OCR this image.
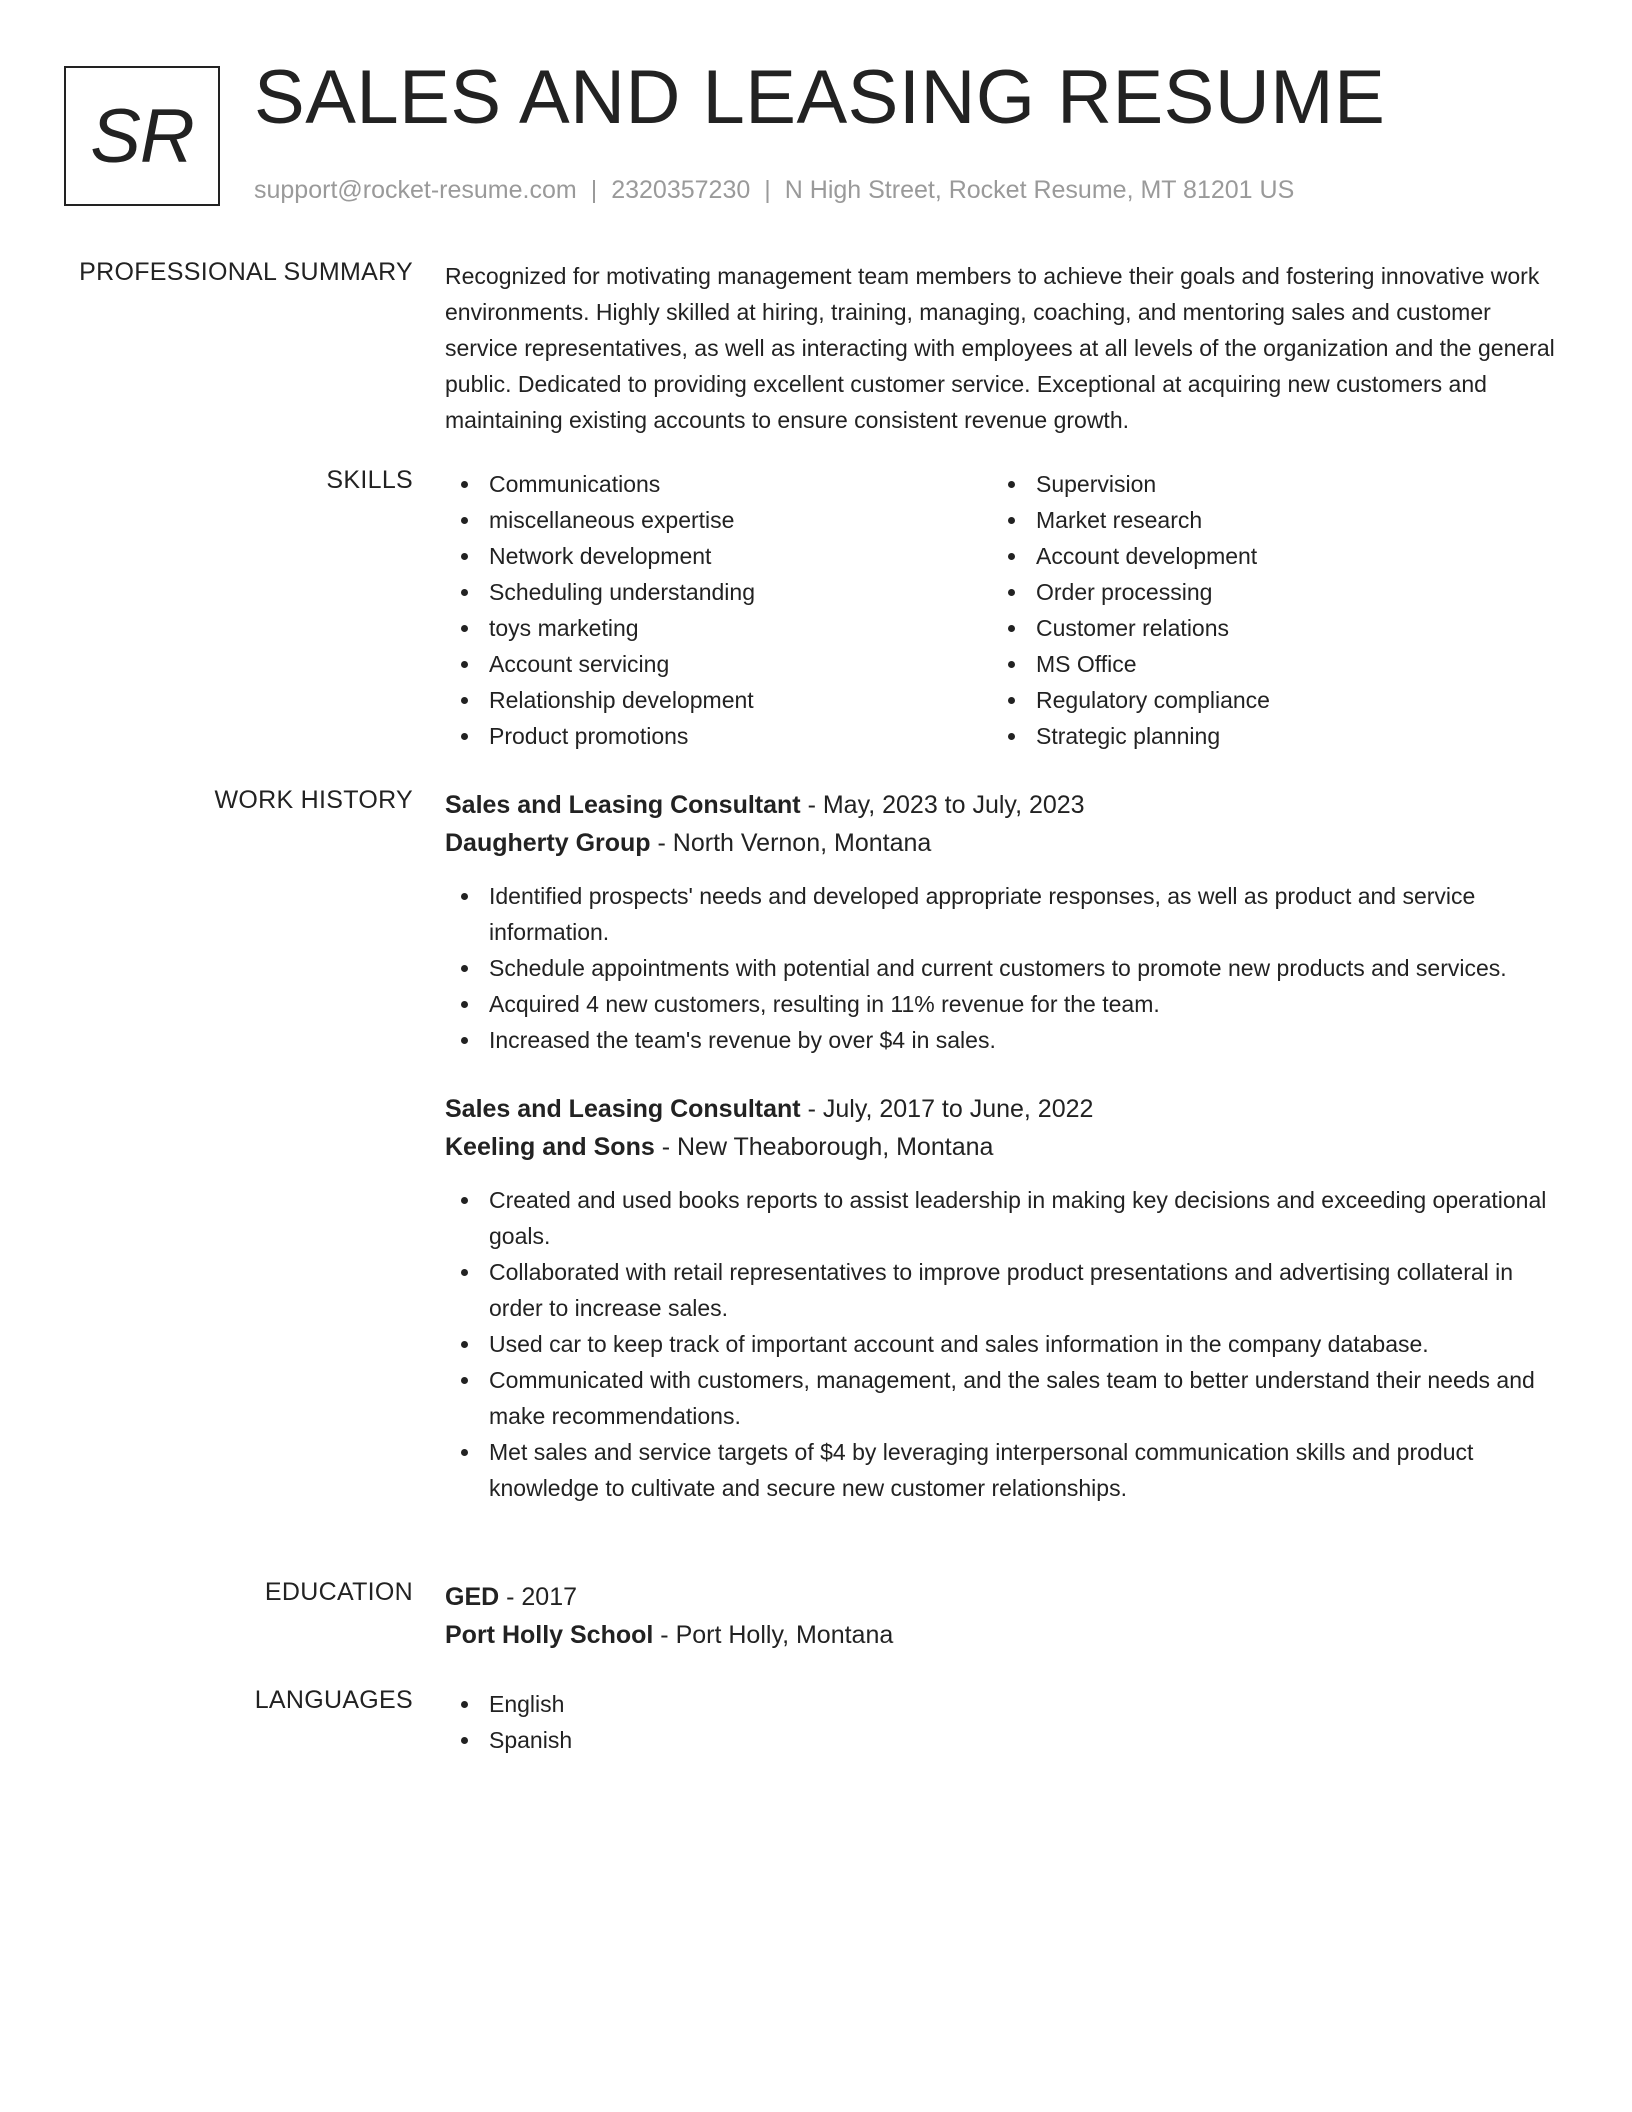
SR SALES AND LEASING RESUME
support@rocket-resume.com | 2320357230 | N High Street, Rocket Resume, MT 81201 US
PROFESSIONAL SUMMARY Recognized for motivating management team members to achieve their goals and fostering innovative work environments. Highly skilled at hiring, training, managing, coaching, and mentoring sales and customer service representatives, as well as interacting with employees at all levels of the organization and the general public. Dedicated to providing excellent customer service. Exceptional at acquiring new customers and maintaining existing accounts to ensure consistent revenue growth.

SKILLS	Communications
miscellaneous expertise
Network development
Scheduling understanding
toys marketing
Account servicing
Relationship development
Product promotions
Supervision
Market research
Account development
Order processing
Customer relations
MS Office
Regulatory compliance
Strategic planning
WORK HISTORY Sales and Leasing Consultant - May, 2023 to July, 2023
Daugherty Group - North Vernon, Montana
Identified prospects' needs and developed appropriate responses, as well as product and service information.
Schedule appointments with potential and current customers to promote new products and services.
Acquired 4 new customers, resulting in 11% revenue for the team.
Increased the team's revenue by over $4 in sales.
Sales and Leasing Consultant - July, 2017 to June, 2022
Keeling and Sons - New Theaborough, Montana
Created and used books reports to assist leadership in making key decisions and exceeding operational goals.
Collaborated with retail representatives to improve product presentations and advertising collateral in order to increase sales.
Used car to keep track of important account and sales information in the company database.
Communicated with customers, management, and the sales team to better understand their needs and make recommendations.
Met sales and service targets of $4 by leveraging interpersonal communication skills and product knowledge to cultivate and secure new customer relationships.
EDUCATION GED - 2017
Port Holly School - Port Holly, Montana
LANGUAGES	English
Spanish
